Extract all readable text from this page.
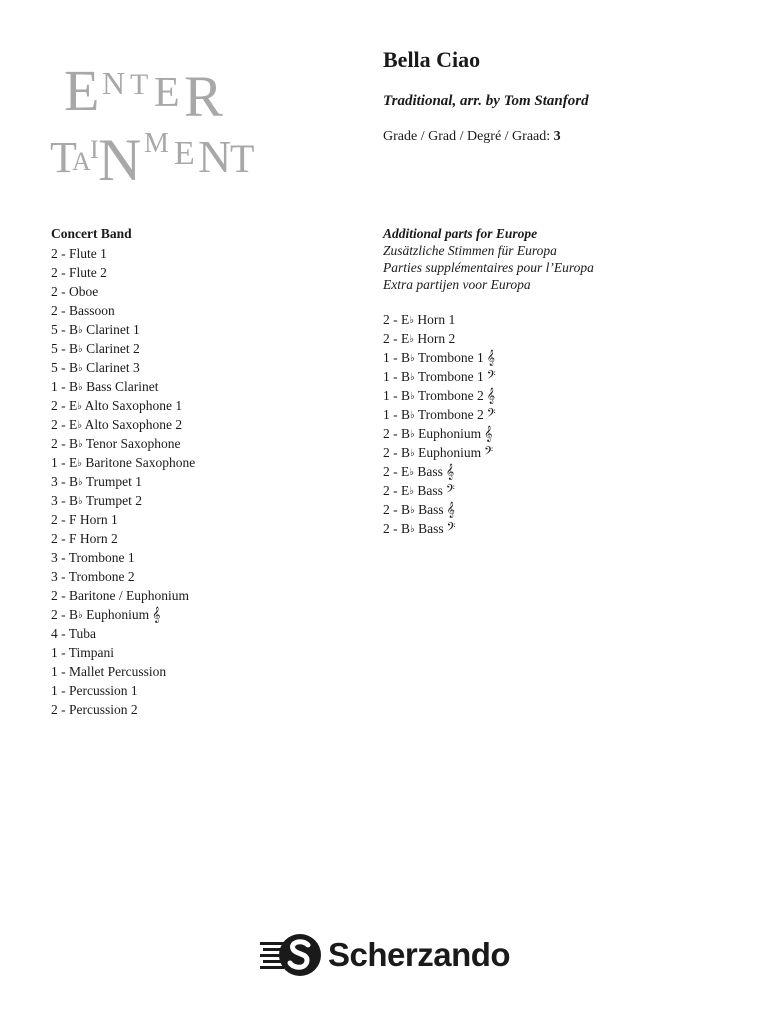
E N T E R
T
A I N M E N
T
Bella Ciao
Traditional, arr. by Tom Stanford
Grade / Grad / Degré / Graad: 3
Concert Band
2 - Flute 1
2 - Flute 2
2 - Oboe
2 - Bassoon
5 - B♭ Clarinet 1
5 - B♭ Clarinet 2
5 - B♭ Clarinet 3
1 - B♭ Bass Clarinet
2 - E♭ Alto Saxophone 1
2 - E♭ Alto Saxophone 2
2 - B♭ Tenor Saxophone
1 - E♭ Baritone Saxophone
3 - B♭ Trumpet 1
3 - B♭ Trumpet 2
2 - F Horn 1
2 - F Horn 2
3 - Trombone 1
3 - Trombone 2
2 - Baritone / Euphonium
2 - B♭ Euphonium 𝄞
4 - Tuba
1 - Timpani
1 - Mallet Percussion
1 - Percussion 1
2 - Percussion 2
Additional parts for Europe
Zusätzliche Stimmen für Europa
Parties supplémentaires pour l’Europa
Extra partijen voor Europa
2 - E♭ Horn 1
2 - E♭ Horn 2
1 - B♭ Trombone 1 𝄞
1 - B♭ Trombone 1 𝄢
1 - B♭ Trombone 2 𝄞
1 - B♭ Trombone 2 𝄢
2 - B♭ Euphonium 𝄞
2 - B♭ Euphonium 𝄢
2 - E♭ Bass 𝄞
2 - E♭ Bass 𝄢
2 - B♭ Bass 𝄞
2 - B♭ Bass 𝄢
Scherzando
